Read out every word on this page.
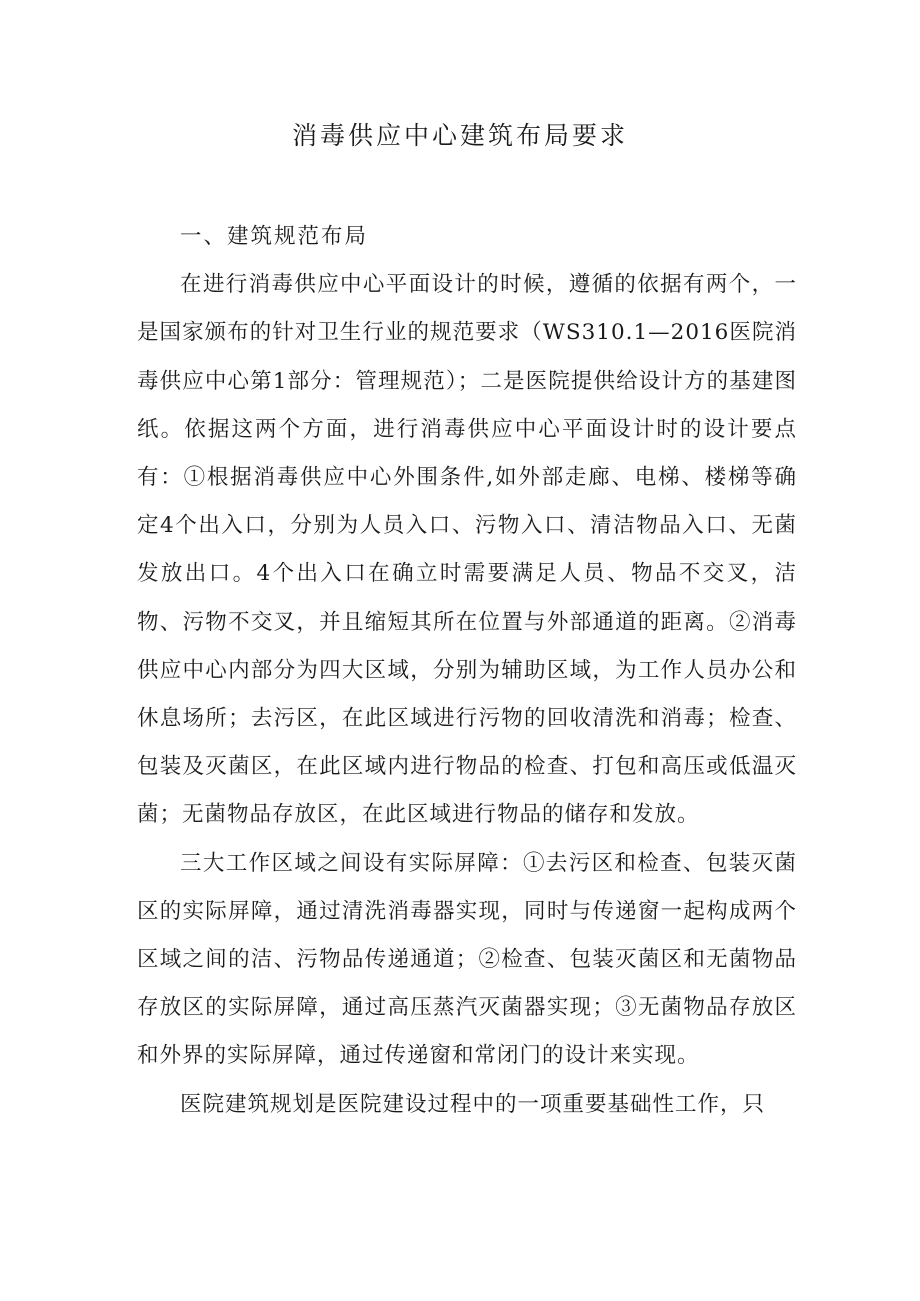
消毒供应中心建筑布局要求

一、建筑规范布局

在进行消毒供应中心平面设计的时候，遵循的依据有两个，一是国家颁布的针对卫生行业的规范要求（WS310.1—2016医院消毒供应中心第1部分：管理规范）；二是医院提供给设计方的基建图纸。依据这两个方面，进行消毒供应中心平面设计时的设计要点有：①根据消毒供应中心外围条件,如外部走廊、电梯、楼梯等确定4个出入口，分别为人员入口、污物入口、清洁物品入口、无菌发放出口。4个出入口在确立时需要满足人员、物品不交叉，洁物、污物不交叉，并且缩短其所在位置与外部通道的距离。②消毒供应中心内部分为四大区域，分别为辅助区域，为工作人员办公和休息场所；去污区，在此区域进行污物的回收清洗和消毒；检查、包装及灭菌区，在此区域内进行物品的检查、打包和高压或低温灭菌；无菌物品存放区，在此区域进行物品的储存和发放。

三大工作区域之间设有实际屏障：①去污区和检查、包装灭菌区的实际屏障，通过清洗消毒器实现，同时与传递窗一起构成两个区域之间的洁、污物品传递通道；②检查、包装灭菌区和无菌物品存放区的实际屏障，通过高压蒸汽灭菌器实现；③无菌物品存放区和外界的实际屏障，通过传递窗和常闭门的设计来实现。

医院建筑规划是医院建设过程中的一项重要基础性工作，只
